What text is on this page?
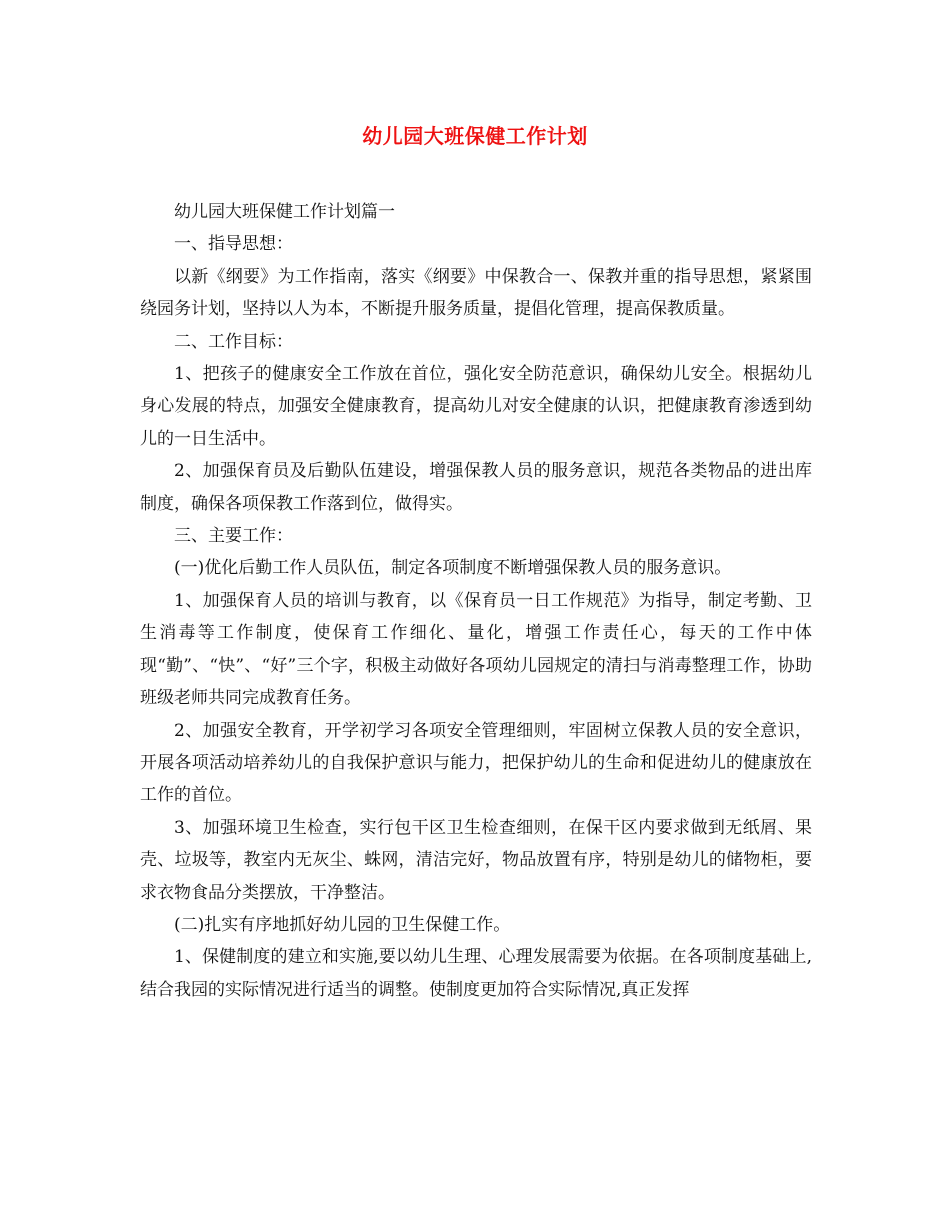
幼儿园大班保健工作计划

幼儿园大班保健工作计划篇一

一、指导思想：

以新《纲要》为工作指南，落实《纲要》中保教合一、保教并重的指导思想，紧紧围绕园务计划，坚持以人为本，不断提升服务质量，提倡化管理，提高保教质量。

二、工作目标：

1、把孩子的健康安全工作放在首位，强化安全防范意识，确保幼儿安全。根据幼儿身心发展的特点，加强安全健康教育，提高幼儿对安全健康的认识，把健康教育渗透到幼儿的一日生活中。

2、加强保育员及后勤队伍建设，增强保教人员的服务意识，规范各类物品的进出库制度，确保各项保教工作落到位，做得实。

三、主要工作：

(一)优化后勤工作人员队伍，制定各项制度不断增强保教人员的服务意识。

1、加强保育人员的培训与教育，以《保育员一日工作规范》为指导，制定考勤、卫生消毒等工作制度，使保育工作细化、量化，增强工作责任心，每天的工作中体现“勤”、“快”、“好”三个字，积极主动做好各项幼儿园规定的清扫与消毒整理工作，协助班级老师共同完成教育任务。

2、加强安全教育，开学初学习各项安全管理细则，牢固树立保教人员的安全意识，开展各项活动培养幼儿的自我保护意识与能力，把保护幼儿的生命和促进幼儿的健康放在工作的首位。

3、加强环境卫生检查，实行包干区卫生检查细则，在保干区内要求做到无纸屑、果壳、垃圾等，教室内无灰尘、蛛网，清洁完好，物品放置有序，特别是幼儿的储物柜，要求衣物食品分类摆放，干净整洁。

(二)扎实有序地抓好幼儿园的卫生保健工作。

1、保健制度的建立和实施,要以幼儿生理、心理发展需要为依据。在各项制度基础上,结合我园的实际情况进行适当的调整。使制度更加符合实际情况,真正发挥
